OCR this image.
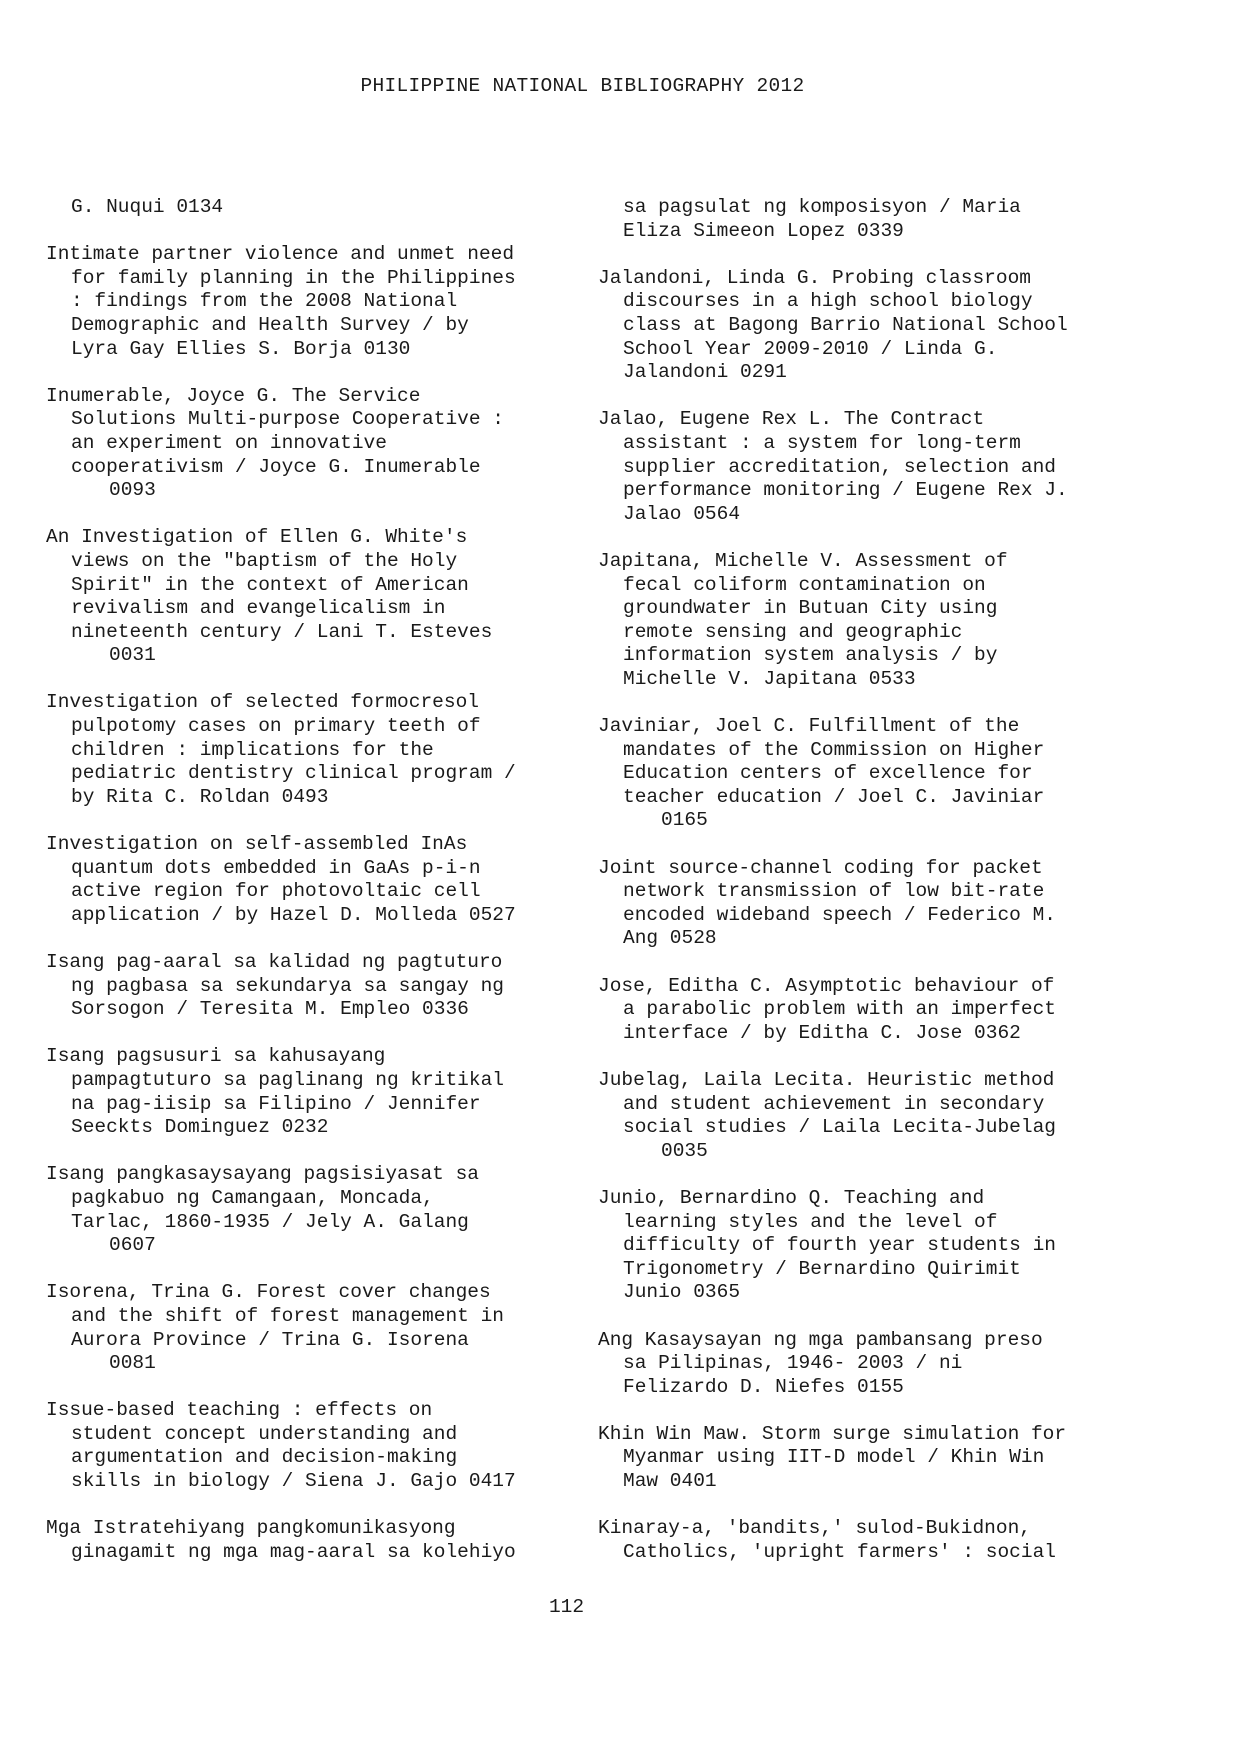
PHILIPPINE NATIONAL BIBLIOGRAPHY 2012
G. Nuqui 0134
Intimate partner violence and unmet need
for family planning in the Philippines
: findings from the 2008 National
Demographic and Health Survey / by
Lyra Gay Ellies S. Borja 0130
Inumerable, Joyce G. The Service
Solutions Multi-purpose Cooperative :
an experiment on innovative
cooperativism / Joyce G. Inumerable
0093
An Investigation of Ellen G. White's
views on the "baptism of the Holy
Spirit" in the context of American
revivalism and evangelicalism in
nineteenth century / Lani T. Esteves
0031
Investigation of selected formocresol
pulpotomy cases on primary teeth of
children : implications for the
pediatric dentistry clinical program /
by Rita C. Roldan 0493
Investigation on self-assembled InAs
quantum dots embedded in GaAs p-i-n
active region for photovoltaic cell
application / by Hazel D. Molleda 0527
Isang pag-aaral sa kalidad ng pagtuturo
ng pagbasa sa sekundarya sa sangay ng
Sorsogon / Teresita M. Empleo 0336
Isang pagsusuri sa kahusayang
pampagtuturo sa paglinang ng kritikal
na pag-iisip sa Filipino / Jennifer
Seeckts Dominguez 0232
Isang pangkasaysayang pagsisiyasat sa
pagkabuo ng Camangaan, Moncada,
Tarlac, 1860-1935 / Jely A. Galang
0607
Isorena, Trina G. Forest cover changes
and the shift of forest management in
Aurora Province / Trina G. Isorena
0081
Issue-based teaching : effects on
student concept understanding and
argumentation and decision-making
skills in biology / Siena J. Gajo 0417
Mga Istratehiyang pangkomunikasyong
ginagamit ng mga mag-aaral sa kolehiyo
sa pagsulat ng komposisyon / Maria
Eliza Simeeon Lopez 0339
Jalandoni, Linda G. Probing classroom
discourses in a high school biology
class at Bagong Barrio National School
School Year 2009-2010 / Linda G.
Jalandoni 0291
Jalao, Eugene Rex L. The Contract
assistant : a system for long-term
supplier accreditation, selection and
performance monitoring / Eugene Rex J.
Jalao 0564
Japitana, Michelle V. Assessment of
fecal coliform contamination on
groundwater in Butuan City using
remote sensing and geographic
information system analysis / by
Michelle V. Japitana 0533
Javiniar, Joel C. Fulfillment of the
mandates of the Commission on Higher
Education centers of excellence for
teacher education / Joel C. Javiniar
0165
Joint source-channel coding for packet
network transmission of low bit-rate
encoded wideband speech / Federico M.
Ang 0528
Jose, Editha C. Asymptotic behaviour of
a parabolic problem with an imperfect
interface / by Editha C. Jose 0362
Jubelag, Laila Lecita. Heuristic method
and student achievement in secondary
social studies / Laila Lecita-Jubelag
0035
Junio, Bernardino Q. Teaching and
learning styles and the level of
difficulty of fourth year students in
Trigonometry / Bernardino Quirimit
Junio 0365
Ang Kasaysayan ng mga pambansang preso
sa Pilipinas, 1946- 2003 / ni
Felizardo D. Niefes 0155
Khin Win Maw. Storm surge simulation for
Myanmar using IIT-D model / Khin Win
Maw 0401
Kinaray-a, 'bandits,' sulod-Bukidnon,
Catholics, 'upright farmers' : social
112
